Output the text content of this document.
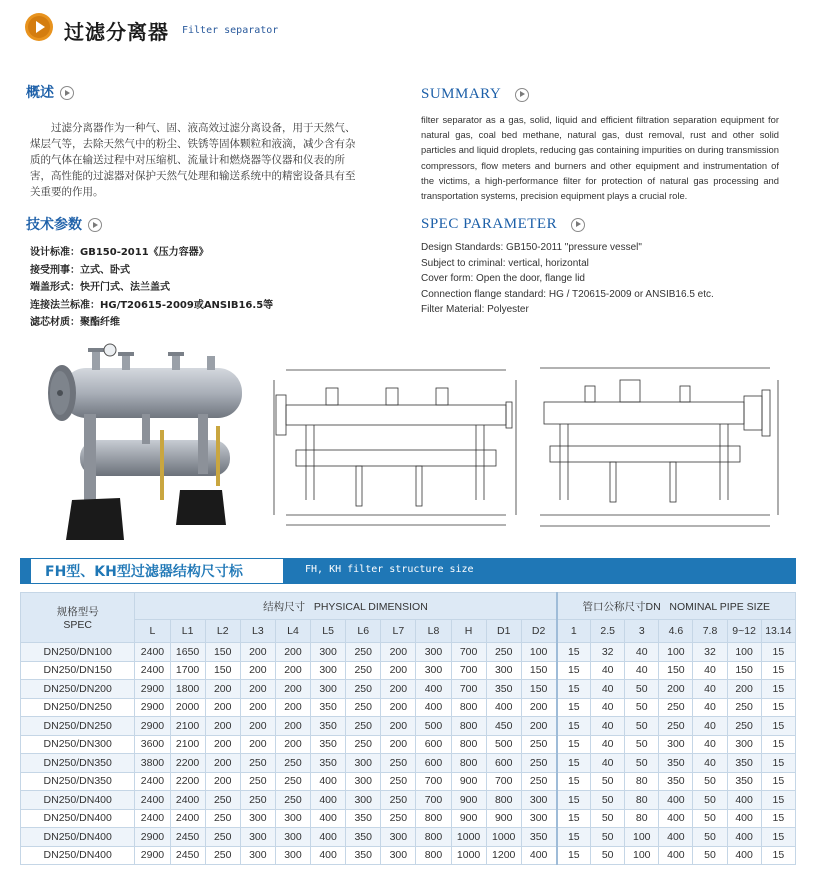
过滤分离器 Filter separator
概述
过滤分离器作为一种气、固、液高效过滤分离设备，用于天然气、煤层气等，去除天然气中的粉尘、铁锈等固体颗粒和液滴，减少含有杂质的气体在输送过程中对压缩机、流量计和燃烧器等仪器和仪表的所害，高性能的过滤器对保护天然气处理和输送系统中的精密设备具有至关重要的作用。
SUMMARY
filter separator as a gas, solid, liquid and efficient filtration separation equipment for natural gas, coal bed methane, natural gas, dust removal, rust and other solid particles and liquid droplets, reducing gas containing impurities on during transmission compressors, flow meters and burners and other equipment and instrumentation of the victims, a high-performance filter for protection of natural gas processing and transportation systems, precision equipment plays a crucial role.
技术参数
设计标准：GB150-2011《压力容器》
接受刑事：立式、卧式
端盖形式：快开门式、法兰盖式
连接法兰标准：HG/T20615-2009或ANSIB16.5等
滤芯材质：聚酯纤维
SPEC PARAMETER
Design Standards: GB150-2011 "pressure vessel"
Subject to criminal: vertical, horizontal
Cover form: Open the door, flange lid
Connection flange standard: HG / T20615-2009 or ANSIB16.5 etc.
Filter Material: Polyester
FH型、KH型过滤器结构尺寸标	FH, KH filter structure size
规格型号
SPEC	结构尺寸   PHYSICAL DIMENSION												管口公称尺寸DN   NOMINAL PIPE SIZE						
	L	L1	L2	L3	L4	L5	L6	L7	L8	H	D1	D2	1	2.5	3	4.6	7.8	9~12	13.14
DN250/DN100	2400	1650	150	200	200	300	250	200	300	700	250	100	15	32	40	100	32	100	15
DN250/DN150	2400	1700	150	200	200	300	250	200	300	700	300	150	15	40	40	150	40	150	15
DN250/DN200	2900	1800	200	200	200	300	250	200	400	700	350	150	15	40	50	200	40	200	15
DN250/DN250	2900	2000	200	200	200	350	250	200	400	800	400	200	15	40	50	250	40	250	15
DN250/DN250	2900	2100	200	200	200	350	250	200	500	800	450	200	15	40	50	250	40	250	15
DN250/DN300	3600	2100	200	200	200	350	250	200	600	800	500	250	15	40	50	300	40	300	15
DN250/DN350	3800	2200	200	250	250	350	300	250	600	800	600	250	15	40	50	350	40	350	15
DN250/DN350	2400	2200	200	250	250	400	300	250	700	900	700	250	15	50	80	350	50	350	15
DN250/DN400	2400	2400	250	250	250	400	300	250	700	900	800	300	15	50	80	400	50	400	15
DN250/DN400	2400	2400	250	300	300	400	350	250	800	900	900	300	15	50	80	400	50	400	15
DN250/DN400	2900	2450	250	300	300	400	350	300	800	1000	1000	350	15	50	100	400	50	400	15
DN250/DN400	2900	2450	250	300	300	400	350	300	800	1000	1200	400	15	50	100	400	50	400	15
